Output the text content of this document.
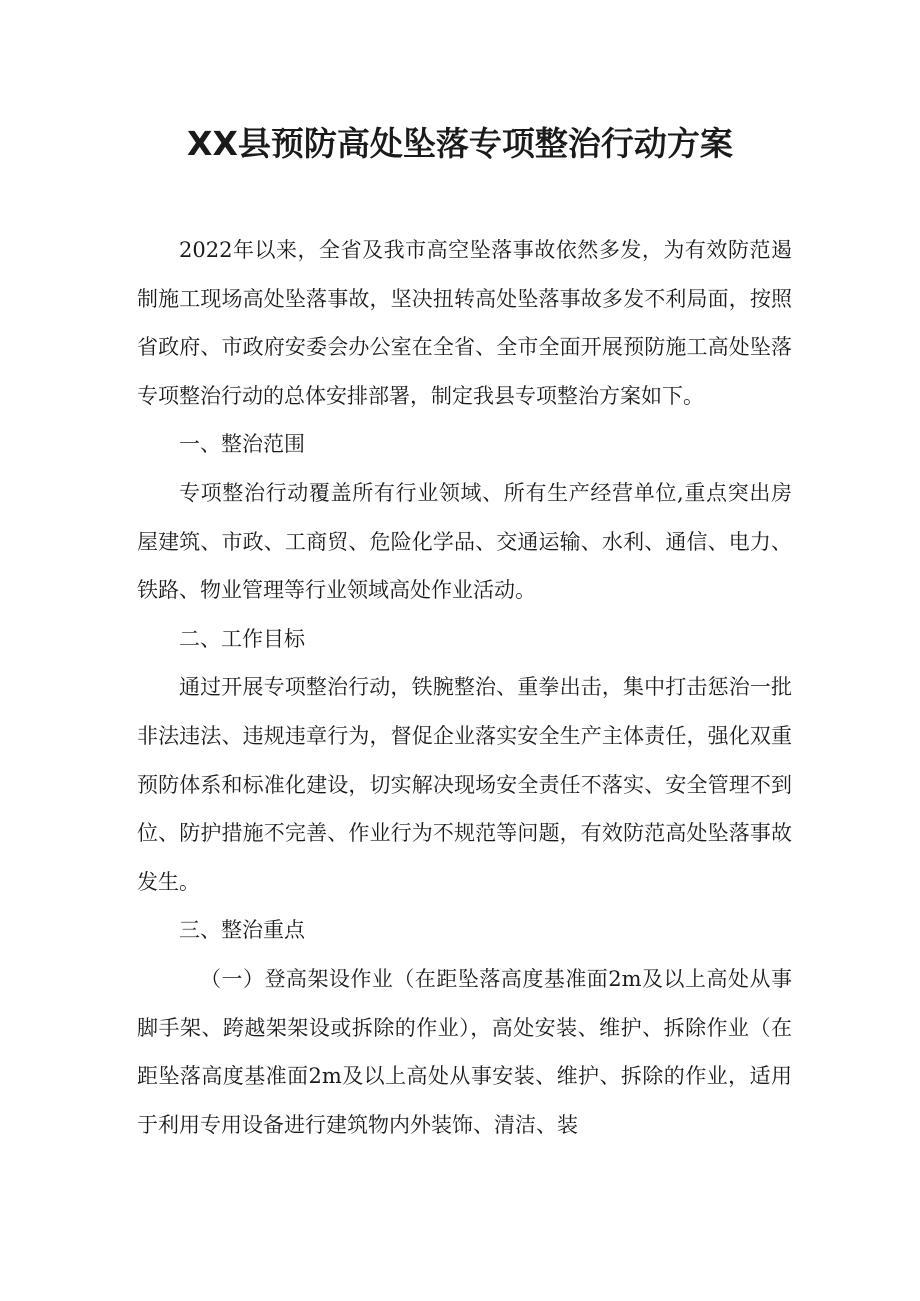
XX县预防高处坠落专项整治行动方案

2022年以来，全省及我市高空坠落事故依然多发，为有效防范遏制施工现场高处坠落事故，坚决扭转高处坠落事故多发不利局面，按照省政府、市政府安委会办公室在全省、全市全面开展预防施工高处坠落专项整治行动的总体安排部署，制定我县专项整治方案如下。

一、整治范围

专项整治行动覆盖所有行业领域、所有生产经营单位,重点突出房屋建筑、市政、工商贸、危险化学品、交通运输、水利、通信、电力、铁路、物业管理等行业领域高处作业活动。

二、工作目标

通过开展专项整治行动，铁腕整治、重拳出击，集中打击惩治一批非法违法、违规违章行为，督促企业落实安全生产主体责任，强化双重预防体系和标准化建设，切实解决现场安全责任不落实、安全管理不到位、防护措施不完善、作业行为不规范等问题，有效防范高处坠落事故发生。

三、整治重点

（一）登高架设作业（在距坠落高度基准面2m及以上高处从事脚手架、跨越架架设或拆除的作业），高处安装、维护、拆除作业（在距坠落高度基准面2m及以上高处从事安装、维护、拆除的作业，适用于利用专用设备进行建筑物内外装饰、清洁、装
